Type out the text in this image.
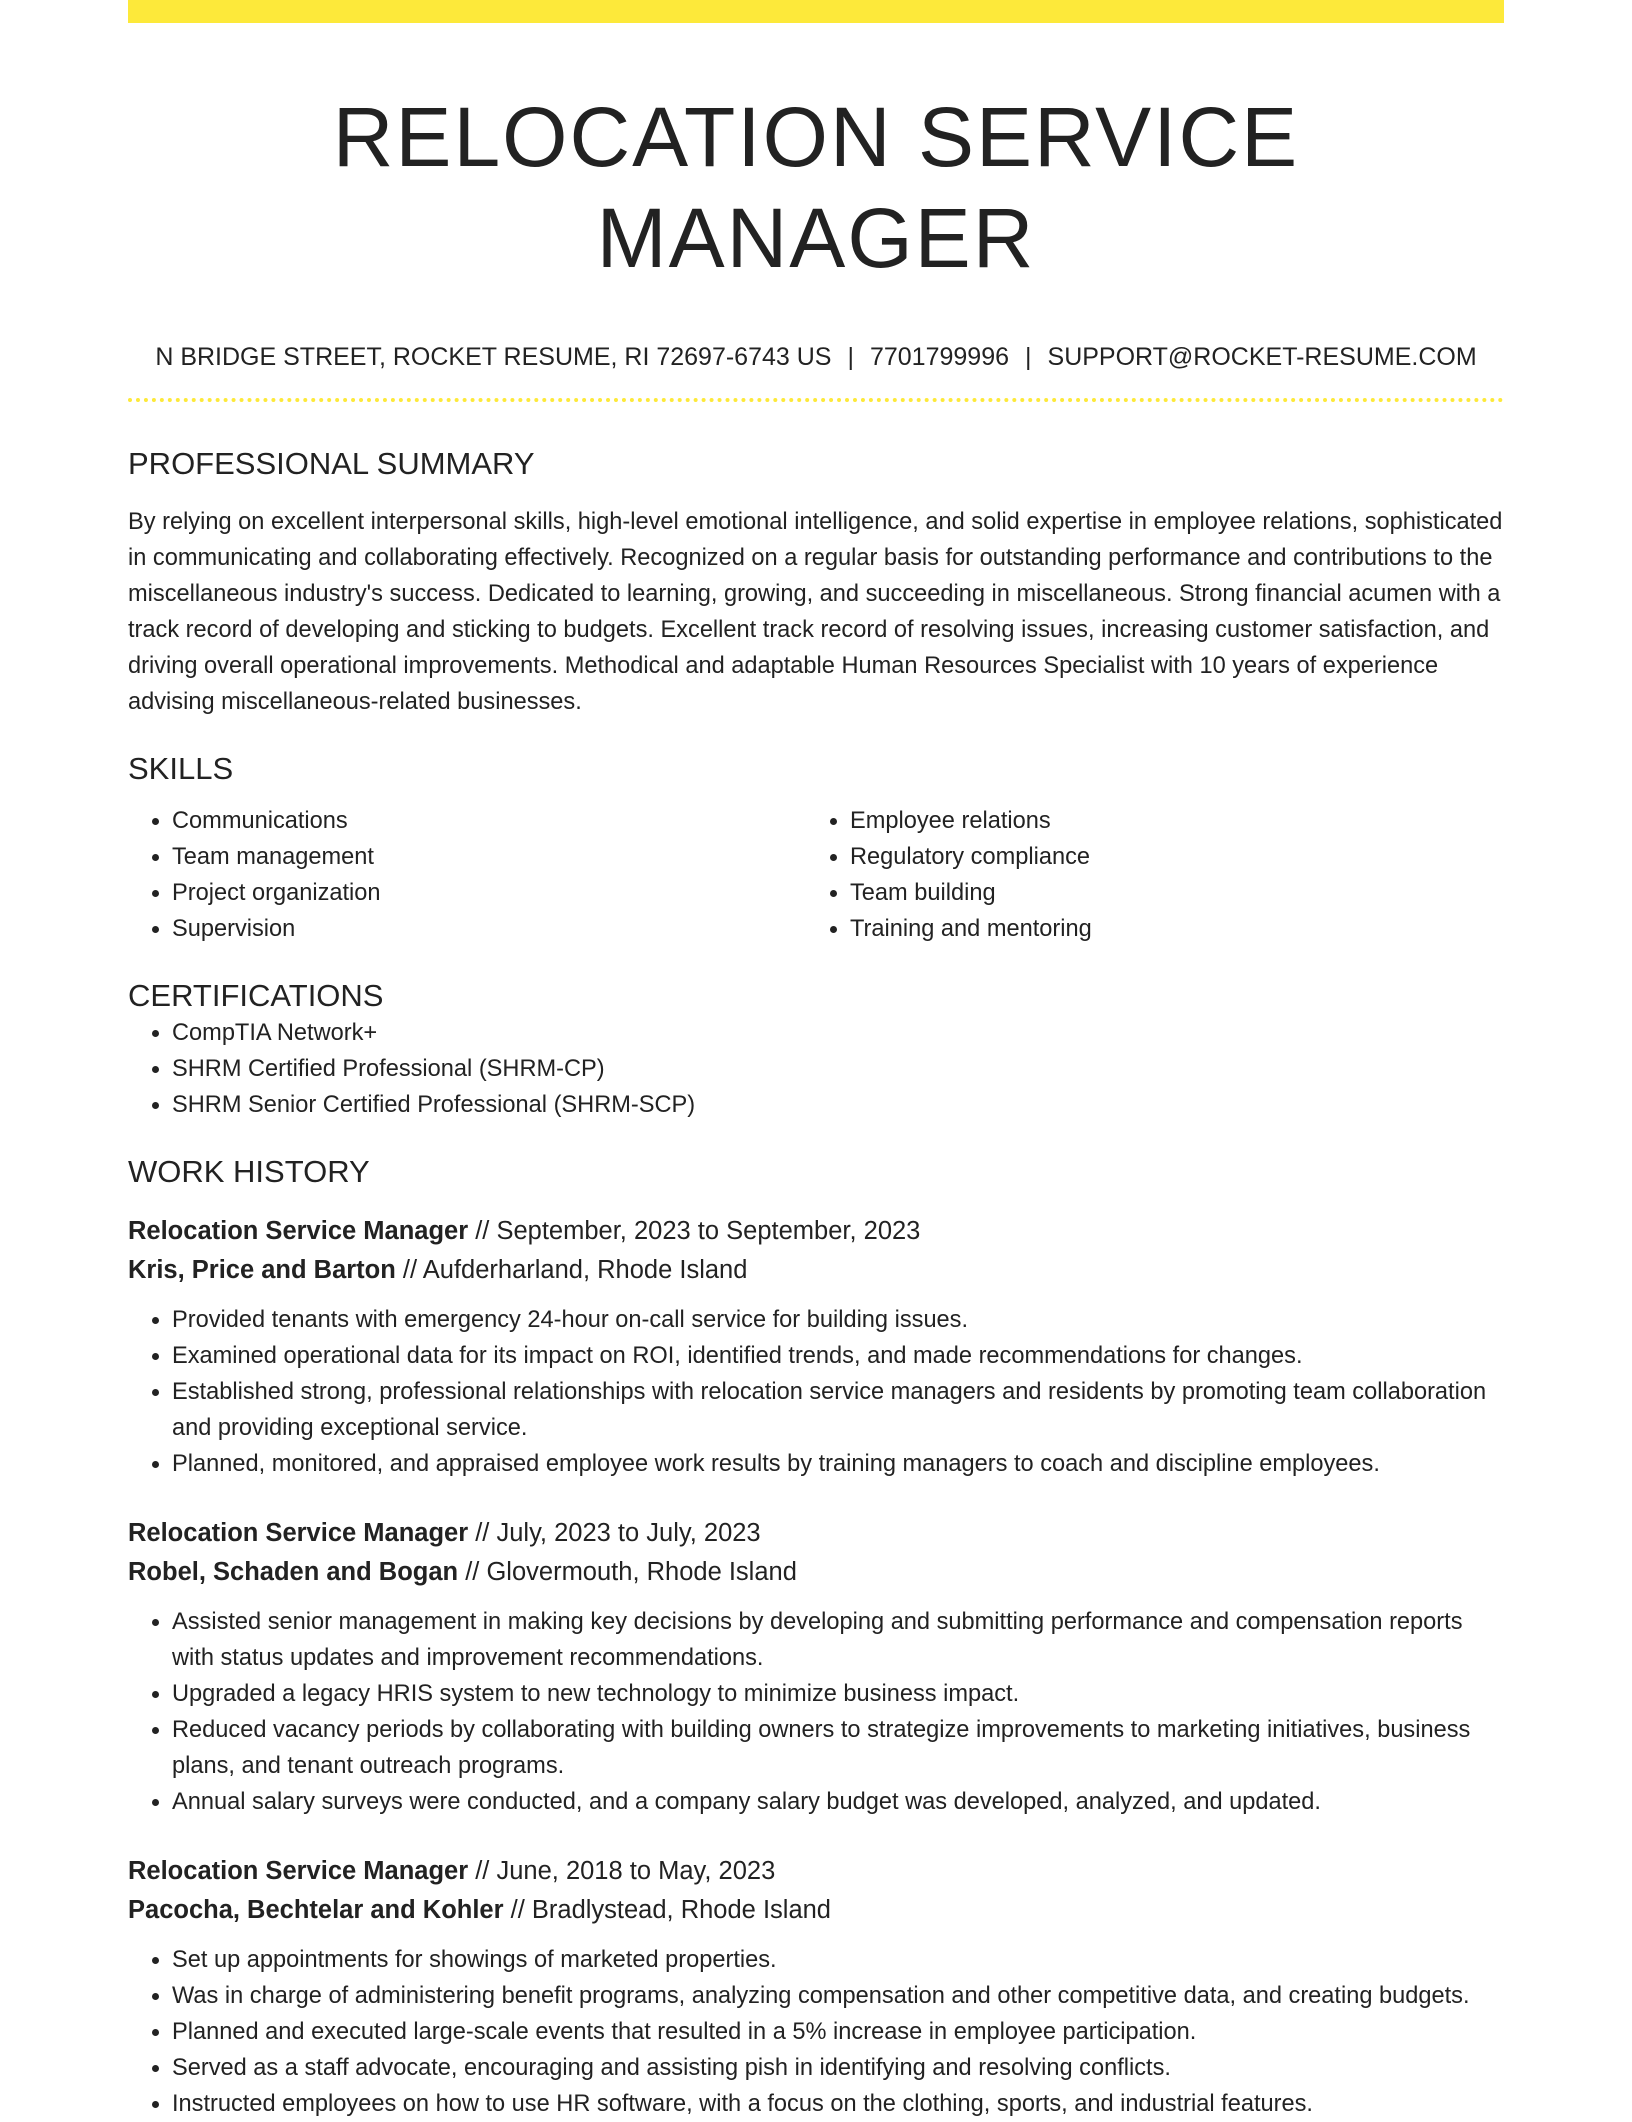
RELOCATION SERVICE MANAGER
N BRIDGE STREET, ROCKET RESUME, RI 72697-6743 US | 7701799996 | SUPPORT@ROCKET-RESUME.COM
PROFESSIONAL SUMMARY

By relying on excellent interpersonal skills, high-level emotional intelligence, and solid expertise in employee relations, sophisticated in communicating and collaborating effectively. Recognized on a regular basis for outstanding performance and contributions to the miscellaneous industry's success. Dedicated to learning, growing, and succeeding in miscellaneous. Strong financial acumen with a track record of developing and sticking to budgets. Excellent track record of resolving issues, increasing customer satisfaction, and driving overall operational improvements. Methodical and adaptable Human Resources Specialist with 10 years of experience advising miscellaneous-related businesses.

SKILLS
• Communications
• Team management
• Project organization
• Supervision
• Employee relations
• Regulatory compliance
• Team building
• Training and mentoring
CERTIFICATIONS
• CompTIA Network+
• SHRM Certified Professional (SHRM-CP)
• SHRM Senior Certified Professional (SHRM-SCP)
WORK HISTORY
Relocation Service Manager // September, 2023 to September, 2023
Kris, Price and Barton // Aufderharland, Rhode Island
• Provided tenants with emergency 24-hour on-call service for building issues.
• Examined operational data for its impact on ROI, identified trends, and made recommendations for changes.
• Established strong, professional relationships with relocation service managers and residents by promoting team collaboration and providing exceptional service.
• Planned, monitored, and appraised employee work results by training managers to coach and discipline employees.
Relocation Service Manager // July, 2023 to July, 2023
Robel, Schaden and Bogan // Glovermouth, Rhode Island
• Assisted senior management in making key decisions by developing and submitting performance and compensation reports with status updates and improvement recommendations.
• Upgraded a legacy HRIS system to new technology to minimize business impact.
• Reduced vacancy periods by collaborating with building owners to strategize improvements to marketing initiatives, business plans, and tenant outreach programs.
• Annual salary surveys were conducted, and a company salary budget was developed, analyzed, and updated.
Relocation Service Manager // June, 2018 to May, 2023
Pacocha, Bechtelar and Kohler // Bradlystead, Rhode Island
• Set up appointments for showings of marketed properties.
• Was in charge of administering benefit programs, analyzing compensation and other competitive data, and creating budgets.
• Planned and executed large-scale events that resulted in a 5% increase in employee participation.
• Served as a staff advocate, encouraging and assisting pish in identifying and resolving conflicts.
• Instructed employees on how to use HR software, with a focus on the clothing, sports, and industrial features.
